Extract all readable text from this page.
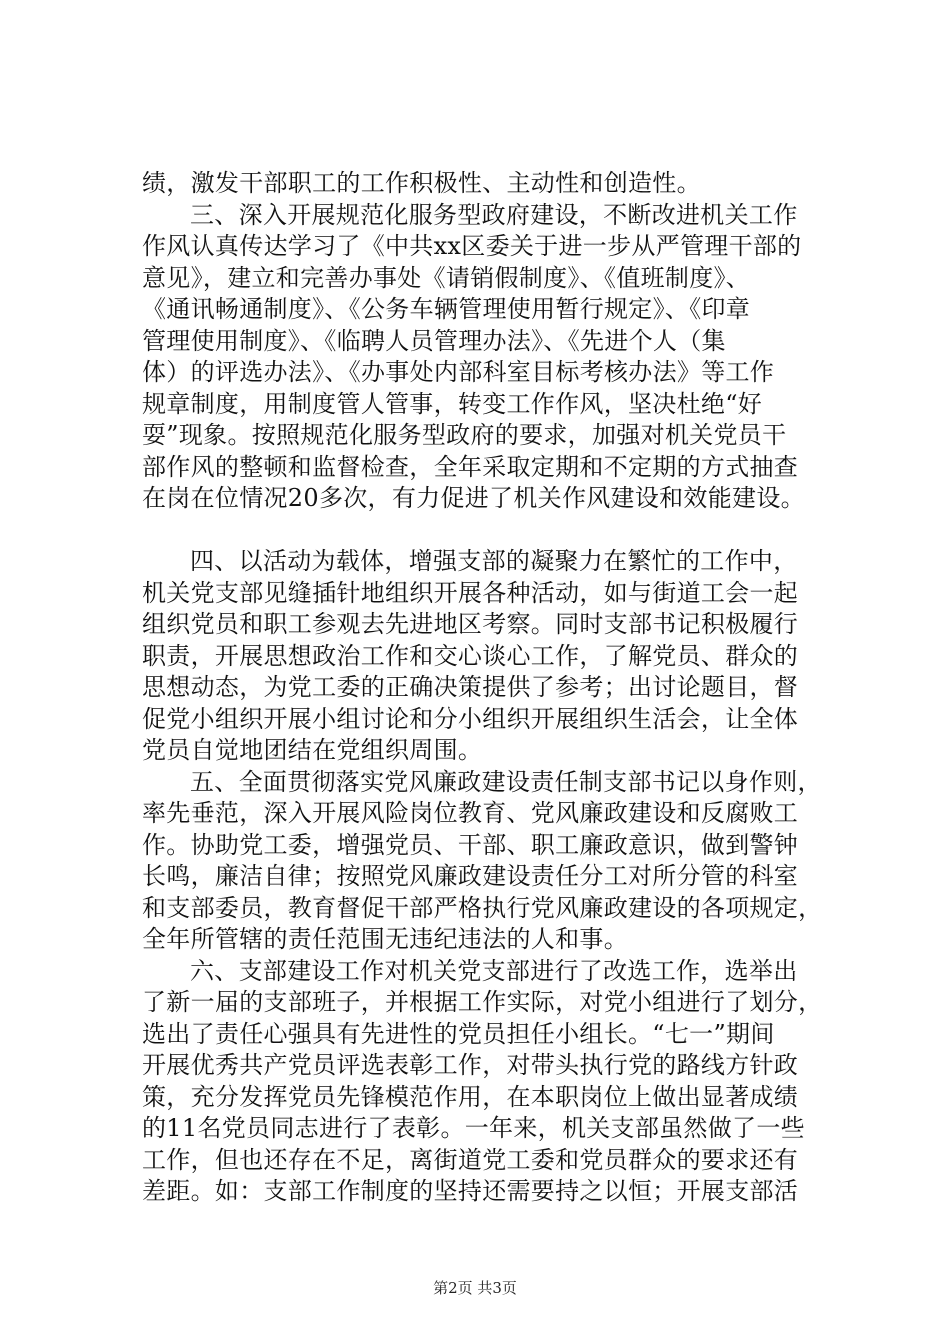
绩，激发干部职工的工作积极性、主动性和创造性。
三、深入开展规范化服务型政府建设，不断改进机关工作
作风认真传达学习了《中共xx区委关于进一步从严管理干部的
意见》，建立和完善办事处《请销假制度》、《值班制度》、
《通讯畅通制度》、《公务车辆管理使用暂行规定》、《印章
管理使用制度》、《临聘人员管理办法》、《先进个人（集
体）的评选办法》、《办事处内部科室目标考核办法》等工作
规章制度，用制度管人管事，转变工作作风，坚决杜绝“好
耍”现象。按照规范化服务型政府的要求，加强对机关党员干
部作风的整顿和监督检查，全年采取定期和不定期的方式抽查
在岗在位情况20多次，有力促进了机关作风建设和效能建设。
四、以活动为载体，增强支部的凝聚力在繁忙的工作中，
机关党支部见缝插针地组织开展各种活动，如与街道工会一起
组织党员和职工参观去先进地区考察。同时支部书记积极履行
职责，开展思想政治工作和交心谈心工作，了解党员、群众的
思想动态，为党工委的正确决策提供了参考；出讨论题目，督
促党小组织开展小组讨论和分小组织开展组织生活会，让全体
党员自觉地团结在党组织周围。
五、全面贯彻落实党风廉政建设责任制支部书记以身作则，
率先垂范，深入开展风险岗位教育、党风廉政建设和反腐败工
作。协助党工委，增强党员、干部、职工廉政意识，做到警钟
长鸣，廉洁自律；按照党风廉政建设责任分工对所分管的科室
和支部委员，教育督促干部严格执行党风廉政建设的各项规定，
全年所管辖的责任范围无违纪违法的人和事。
六、支部建设工作对机关党支部进行了改选工作，选举出
了新一届的支部班子，并根据工作实际，对党小组进行了划分，
选出了责任心强具有先进性的党员担任小组长。“七一”期间
开展优秀共产党员评选表彰工作，对带头执行党的路线方针政
策，充分发挥党员先锋模范作用，在本职岗位上做出显著成绩
的11名党员同志进行了表彰。一年来，机关支部虽然做了一些
工作，但也还存在不足，离街道党工委和党员群众的要求还有
差距。如：支部工作制度的坚持还需要持之以恒；开展支部活
第2页 共3页
